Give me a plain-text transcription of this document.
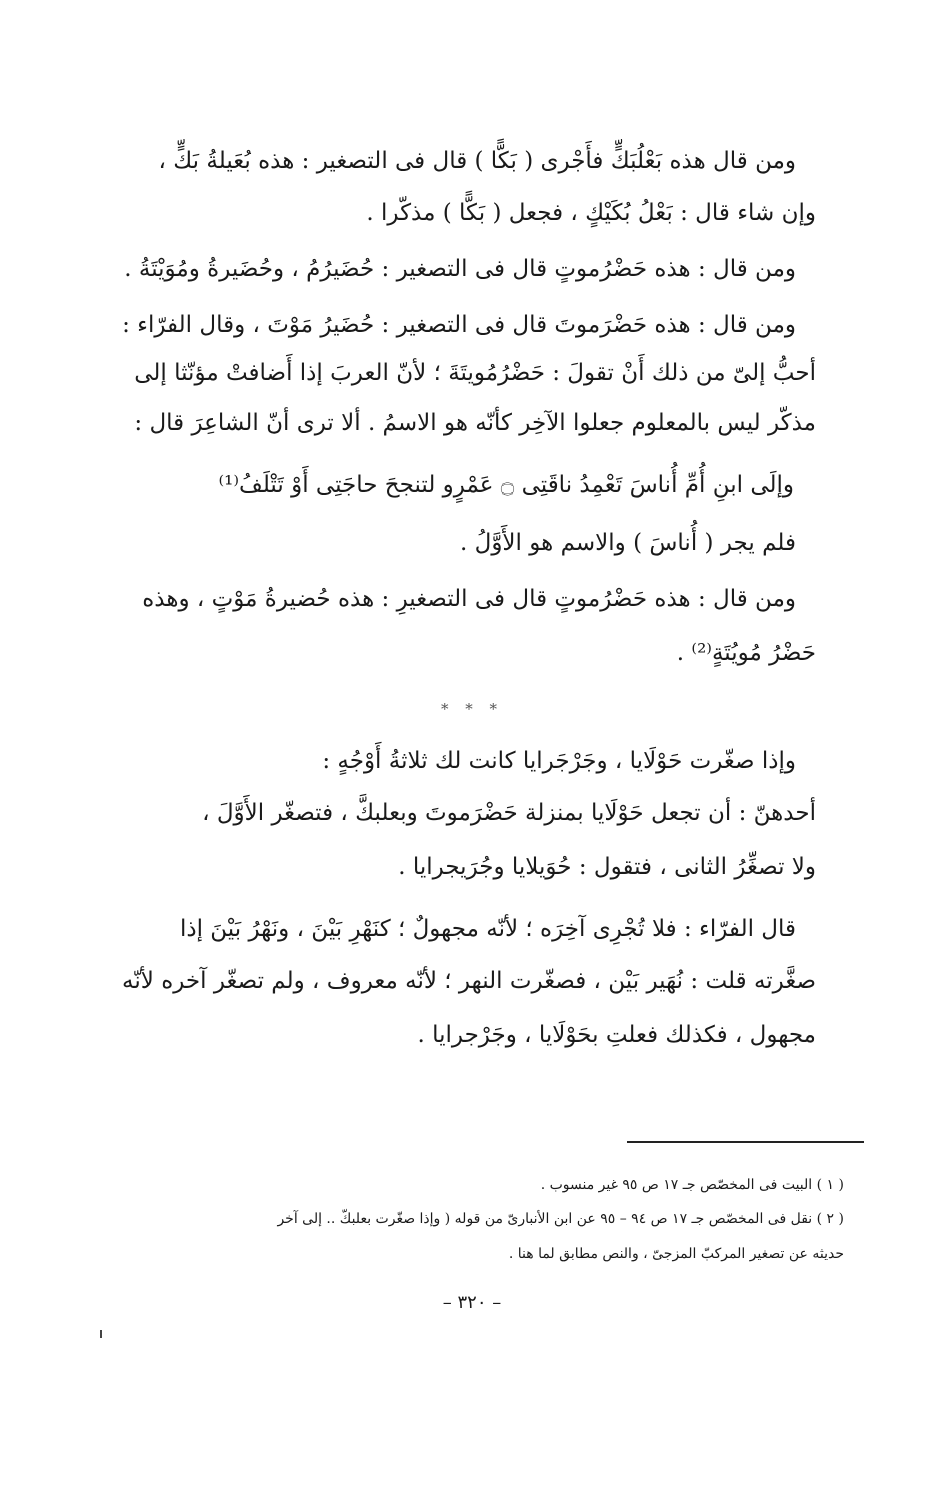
ومن قال هذه بَعْلُبَكٍّ فأَجْرى ( بَكًّا ) قال فى التصغير : هذه بُعَيلةُ بَكٍّ ،
وإن شاء قال : بَعْلُ بُكَيْكٍ ، فجعل ( بَكًّا ) مذكّرا .
ومن قال : هذه حَضْرُموتٍ قال فى التصغير : حُضَيرُمُ ، وحُضَيرةُ ومُوَيْتَةُ .
ومن قال : هذه حَضْرَموتَ قال فى التصغير : حُضَيرُ مَوْتَ ، وقال الفرّاء :
أحبُّ إلىّ من ذلك أَنْ تقولَ : حَضْرُمُويتَةَ ؛ لأنّ العربَ إذا أَضافتْ مؤنّثا إلى
مذكّر ليس بالمعلوم جعلوا الآخِر كأنّه هو الاسمُ . ألا ترى أنّ الشاعِرَ قال :
وإلَى ابنِ أُمِّ أُناسَ تَعْمِدُ ناقَتِى ۝ عَمْرٍو لتنجحَ حاجَتِى أَوْ تَتْلَفُ⁽¹⁾
فلم يجر ( أُناسَ ) والاسم هو الأَوَّلُ .
ومن قال : هذه حَضْرُموتٍ قال فى التصغيرِ : هذه حُضيرةُ مَوْتٍ ، وهذه
حَضْرُ مُويُتَةٍ⁽²⁾ .
* * *
وإذا صغّرت حَوْلَايا ، وجَرْجَرايا كانت لك ثلاثةُ أَوْجُهٍ :
أحدهنّ : أن تجعل حَوْلَايا بمنزلة حَضْرَموتَ وبعلبكَّ ، فتصغّر الأَوَّلَ ،
ولا تصغِّرُ الثانى ، فتقول : حُوَيلايا وجُرَيجرايا .
قال الفرّاء : فلا تُجْرِى آخِرَه ؛ لأنّه مجهولٌ ؛ كنَهْرِ بَيْنَ ، ونَهْرُ بَيْنَ إذا
صغَّرته قلت : نُهَير بَيْن ، فصغّرت النهر ؛ لأنّه معروف ، ولم تصغّر آخره لأنّه
مجهول ، فكذلك فعلتِ بحَوْلَايا ، وجَرْجرايا .
( ١ ) البيت فى المخصّص جـ ١٧ ص ٩٥ غير منسوب .
( ٢ ) نقل فى المخصّص جـ ١٧ ص ٩٤ – ٩٥ عن ابن الأنبارىّ من قوله ( وإذا صغّرت بعلبكّ .. إلى آخر
حديثه عن تصغير المركبّ المزجىّ ، والنص مطابق لما هنا .
– ٣٢٠ –
